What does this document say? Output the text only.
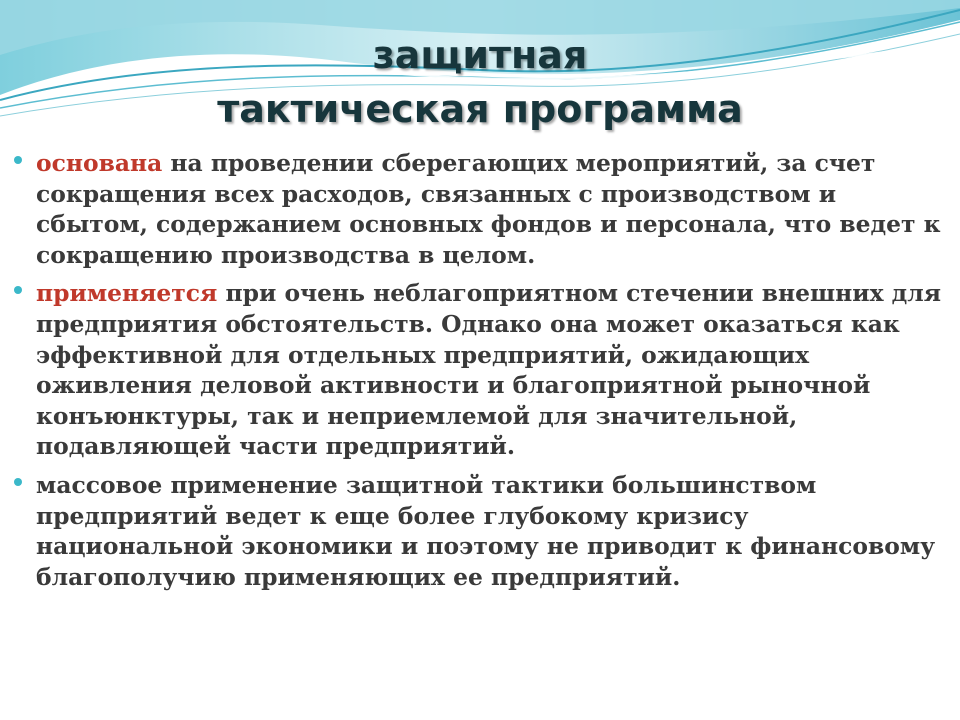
защитная
тактическая программа
основана на проведении сберегающих мероприятий, за счет сокращения всех расходов, связанных с производством и сбытом, содержанием основных фондов и персонала, что ведет к сокращению производства в целом.
применяется при очень неблагоприятном стечении внешних для предприятия обстоятельств. Однако она может оказаться как эффективной для отдельных предприятий, ожидающих оживления деловой активности и благоприятной рыночной конъюнктуры, так и неприемлемой для значительной, подавляющей части предприятий.
массовое применение защитной тактики большинством предприятий ведет к еще более глубокому кризису национальной экономики и поэтому не приводит к финансовому благополучию применяющих ее предприятий.
